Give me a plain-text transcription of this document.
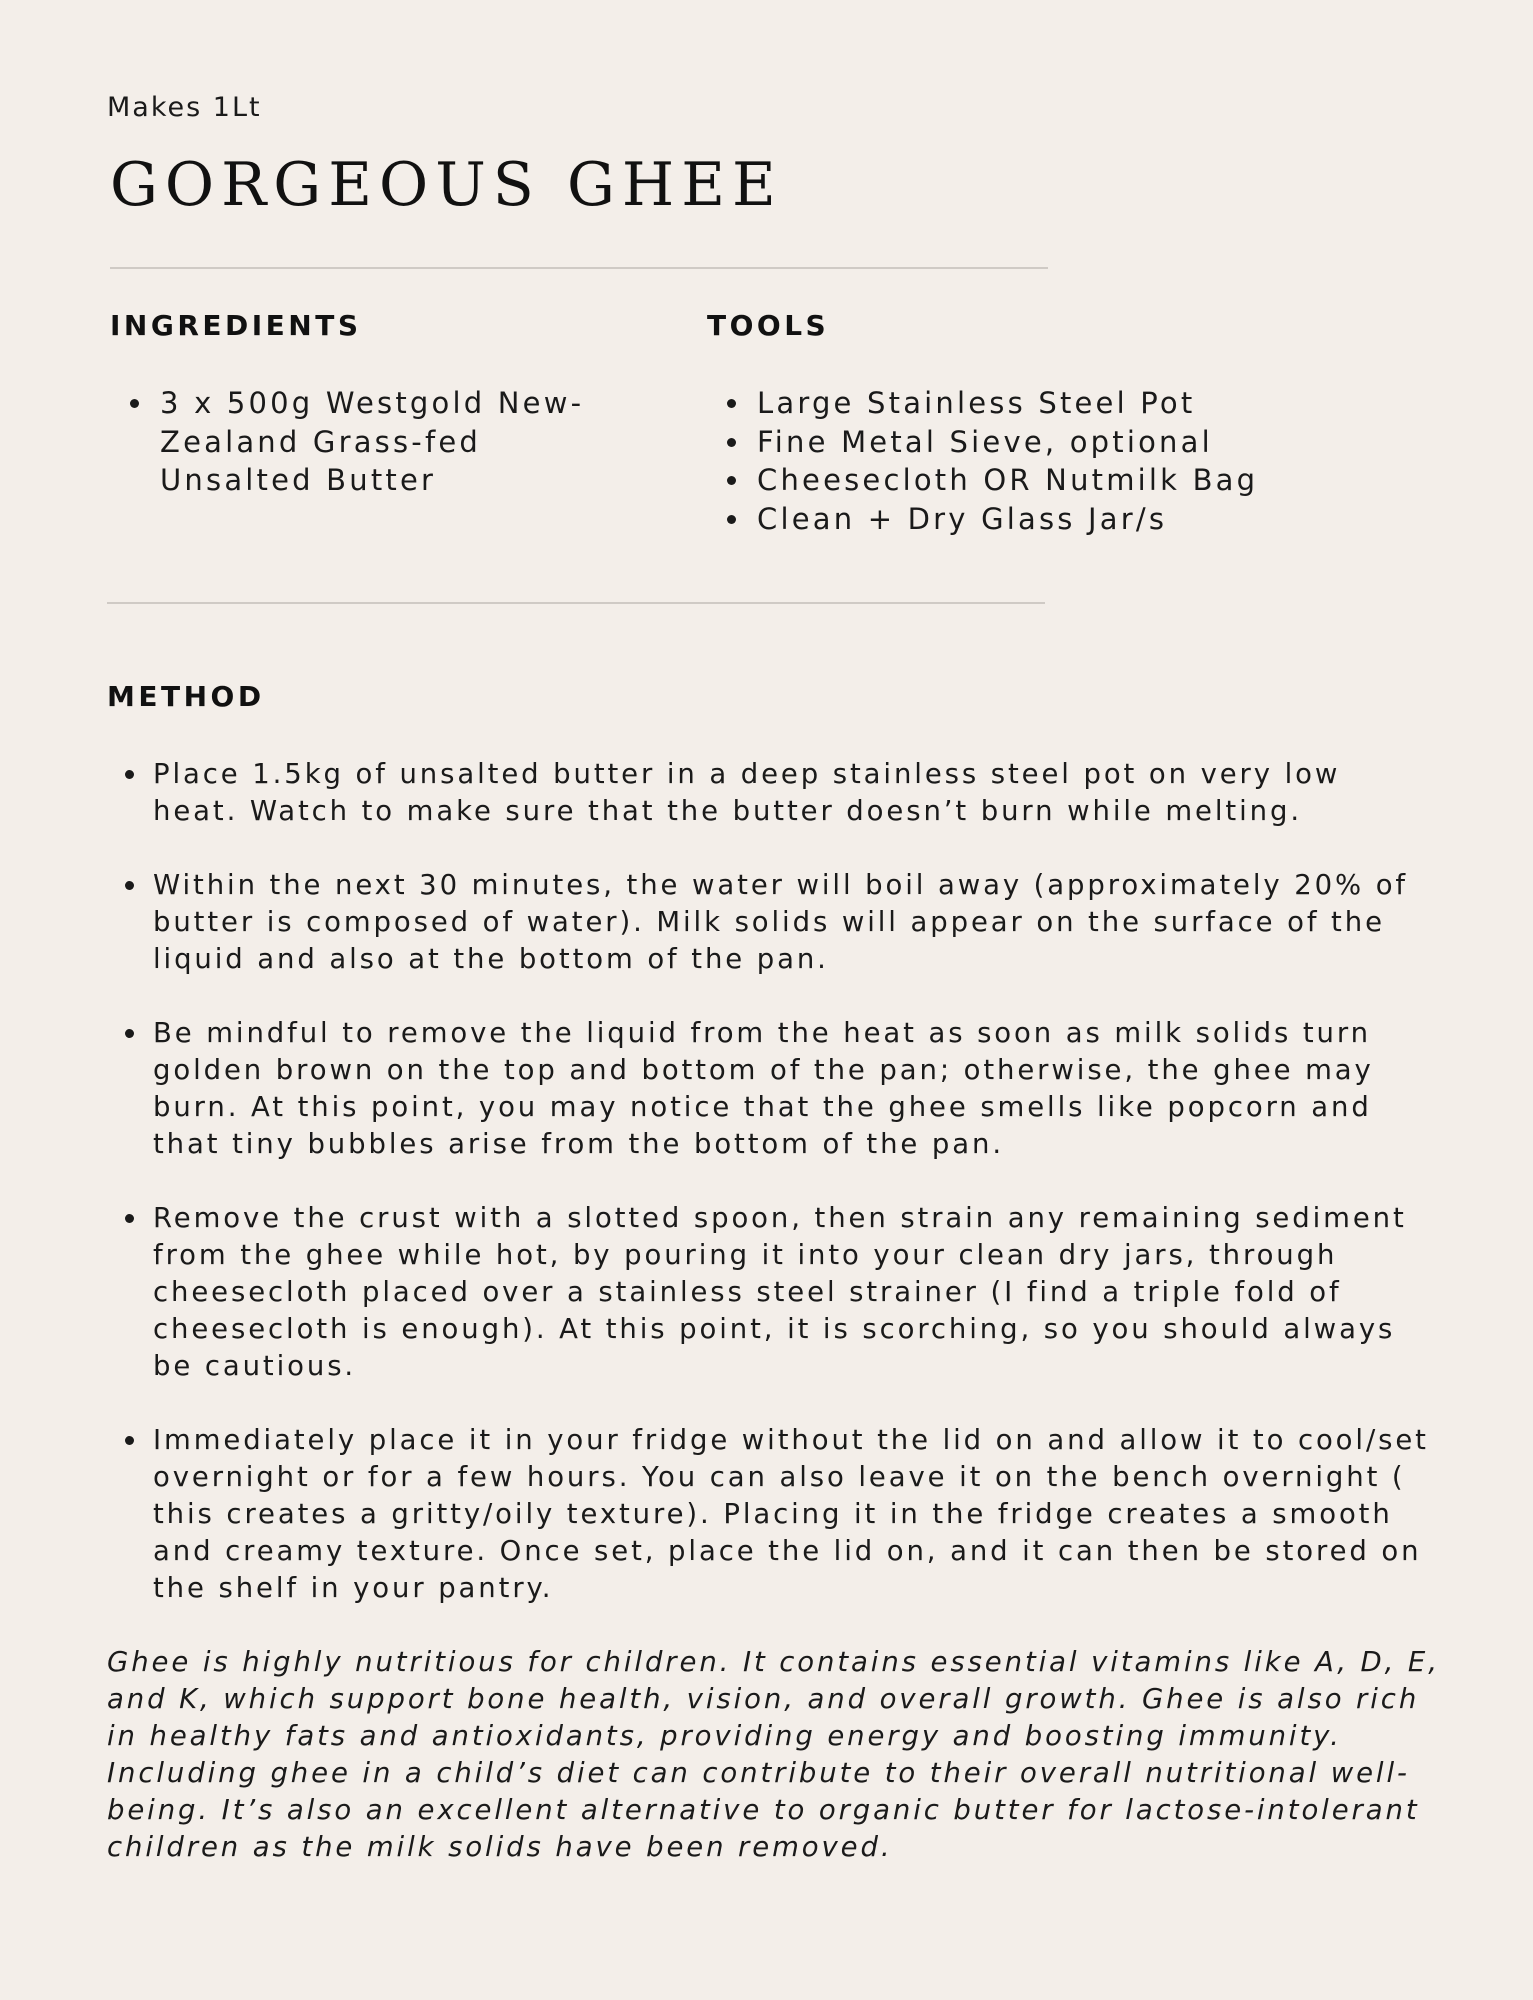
Makes 1Lt
GORGEOUS GHEE
INGREDIENTS
3 x 500g Westgold New-Zealand Grass-fed Unsalted Butter
TOOLS
Large Stainless Steel Pot
Fine Metal Sieve, optional
Cheesecloth OR Nutmilk Bag
Clean + Dry Glass Jar/s
METHOD
Place 1.5kg of unsalted butter in a deep stainless steel pot on very low heat. Watch to make sure that the butter doesn’t burn while melting.
Within the next 30 minutes, the water will boil away (approximately 20% of butter is composed of water). Milk solids will appear on the surface of the liquid and also at the bottom of the pan.
Be mindful to remove the liquid from the heat as soon as milk solids turn golden brown on the top and bottom of the pan; otherwise, the ghee may burn. At this point, you may notice that the ghee smells like popcorn and that tiny bubbles arise from the bottom of the pan.
Remove the crust with a slotted spoon, then strain any remaining sediment from the ghee while hot, by pouring it into your clean dry jars, through cheesecloth placed over a stainless steel strainer (I find a triple fold of cheesecloth is enough). At this point, it is scorching, so you should always be cautious.
Immediately place it in your fridge without the lid on and allow it to cool/set overnight or for a few hours. You can also leave it on the bench overnight ( this creates a gritty/oily texture). Placing it in the fridge creates a smooth and creamy texture. Once set, place the lid on, and it can then be stored on the shelf in your pantry.

Ghee is highly nutritious for children. It contains essential vitamins like A, D, E, and K, which support bone health, vision, and overall growth. Ghee is also rich in healthy fats and antioxidants, providing energy and boosting immunity. Including ghee in a child’s diet can contribute to their overall nutritional well-being. It’s also an excellent alternative to organic butter for lactose-intolerant children as the milk solids have been removed.
